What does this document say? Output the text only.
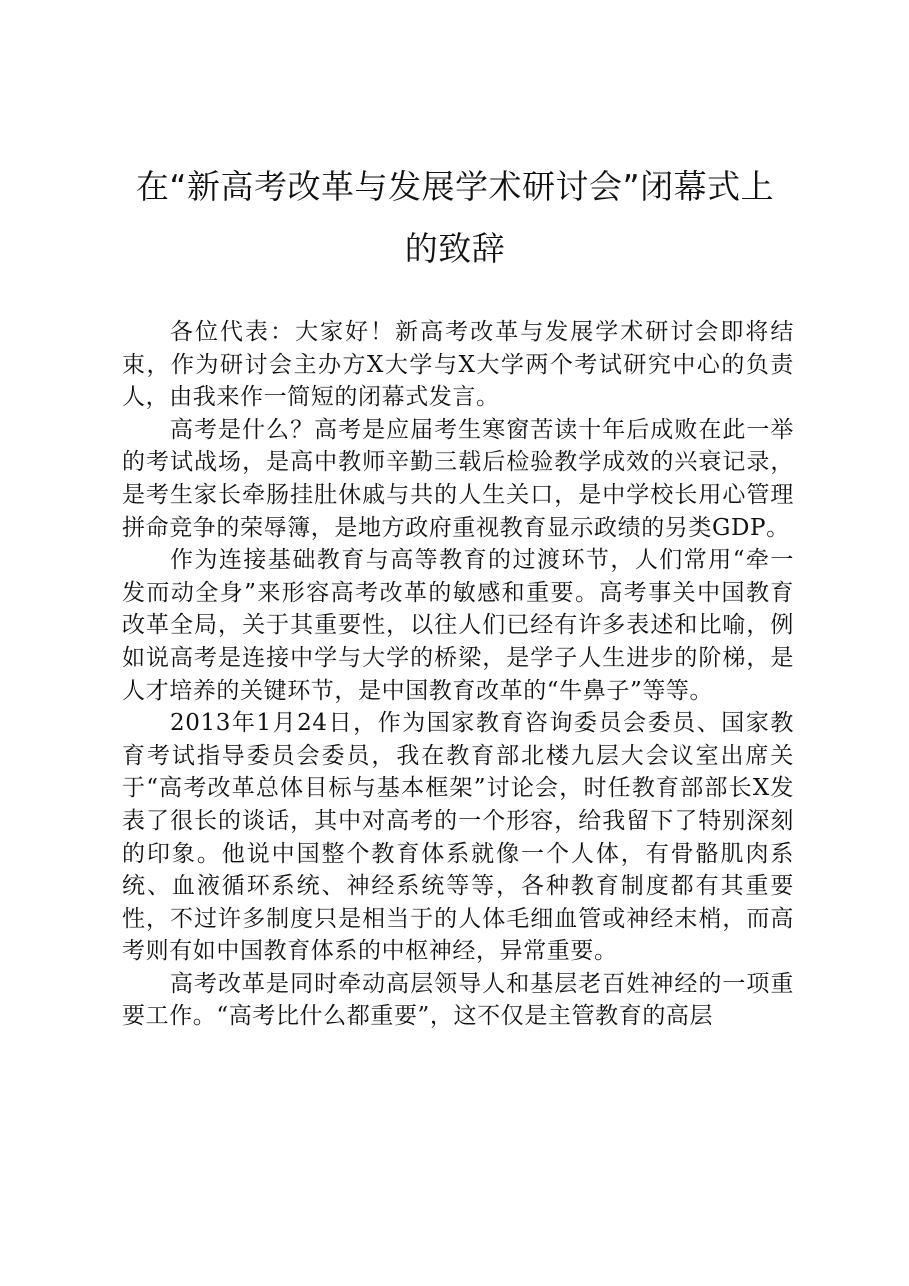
在“新高考改革与发展学术研讨会”闭幕式上
的致辞

各位代表：大家好！新高考改革与发展学术研讨会即将结束，作为研讨会主办方X大学与X大学两个考试研究中心的负责人，由我来作一简短的闭幕式发言。

高考是什么？高考是应届考生寒窗苦读十年后成败在此一举的考试战场，是高中教师辛勤三载后检验教学成效的兴衰记录，是考生家长牵肠挂肚休戚与共的人生关口，是中学校长用心管理拼命竞争的荣辱簿，是地方政府重视教育显示政绩的另类GDP。

作为连接基础教育与高等教育的过渡环节，人们常用“牵一发而动全身”来形容高考改革的敏感和重要。高考事关中国教育改革全局，关于其重要性，以往人们已经有许多表述和比喻，例如说高考是连接中学与大学的桥梁，是学子人生进步的阶梯，是人才培养的关键环节，是中国教育改革的“牛鼻子”等等。

2013年1月24日，作为国家教育咨询委员会委员、国家教育考试指导委员会委员，我在教育部北楼九层大会议室出席关于“高考改革总体目标与基本框架”讨论会，时任教育部部长X发表了很长的谈话，其中对高考的一个形容，给我留下了特别深刻的印象。他说中国整个教育体系就像一个人体，有骨骼肌肉系统、血液循环系统、神经系统等等，各种教育制度都有其重要性，不过许多制度只是相当于的人体毛细血管或神经末梢，而高考则有如中国教育体系的中枢神经，异常重要。

高考改革是同时牵动高层领导人和基层老百姓神经的一项重要工作。“高考比什么都重要”，这不仅是主管教育的高层
